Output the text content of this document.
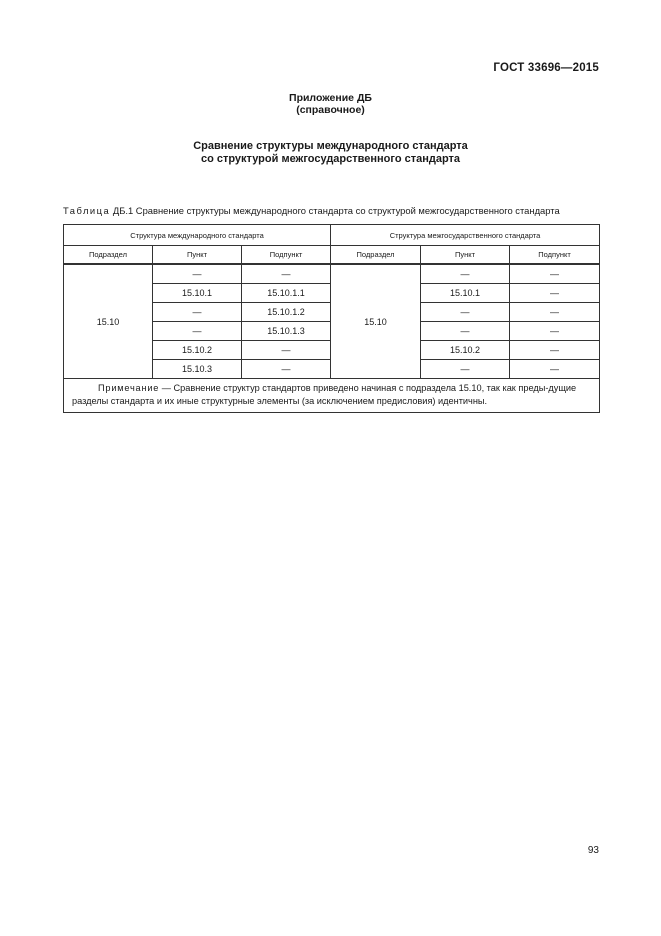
ГОСТ 33696—2015
Приложение ДБ
(справочное)
Сравнение структуры международного стандарта
со структурой межгосударственного стандарта
Таблица ДБ.1 Сравнение структуры международного стандарта со структурой межгосударственного стандарта
Структура международного стандарта			Структура межгосударственного стандарта		
Подраздел	Пункт	Подпункт	Подраздел	Пункт	Подпункт
15.10	—	—	15.10	—	—
	15.10.1	15.10.1.1		15.10.1	—
	—	15.10.1.2		—	—
	—	15.10.1.3		—	—
	15.10.2	—		15.10.2	—
	15.10.3	—		—	—
Примечание — Сравнение структур стандартов приведено начиная с подраздела 15.10, так как преды-дущие разделы стандарта и их иные структурные элементы (за исключением предисловия) идентичны.					
93
